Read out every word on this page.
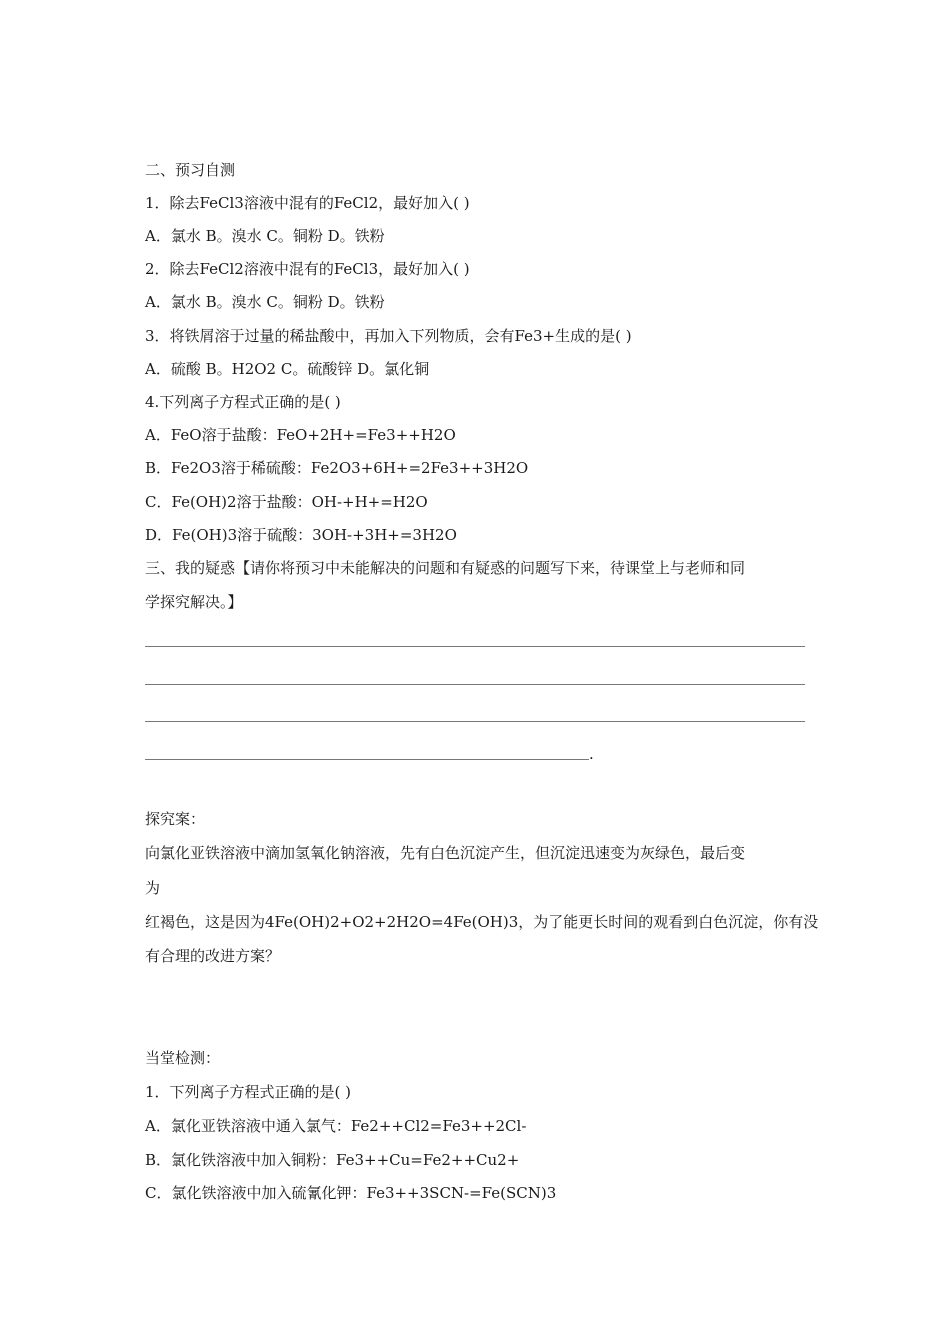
二、预习自测
1．除去FeCl3溶液中混有的FeCl2，最好加入( )
A．氯水 B。溴水 C。铜粉 D。铁粉
2．除去FeCl2溶液中混有的FeCl3，最好加入( )
A．氯水 B。溴水 C。铜粉 D。铁粉
3．将铁屑溶于过量的稀盐酸中，再加入下列物质，会有Fe3+生成的是( )
A．硫酸 B。H2O2 C。硫酸锌 D。氯化铜
4.下列离子方程式正确的是( )
A．FeO溶于盐酸：FeO+2H+=Fe3++H2O
B．Fe2O3溶于稀硫酸：Fe2O3+6H+=2Fe3++3H2O
C．Fe(OH)2溶于盐酸：OH-+H+=H2O
D．Fe(OH)3溶于硫酸：3OH-+3H+=3H2O
三、我的疑惑【请你将预习中未能解决的问题和有疑惑的问题写下来，待课堂上与老师和同
学探究解决。】
.
探究案：
向氯化亚铁溶液中滴加氢氧化钠溶液，先有白色沉淀产生，但沉淀迅速变为灰绿色，最后变
为
红褐色，这是因为4Fe(OH)2+O2+2H2O=4Fe(OH)3，为了能更长时间的观看到白色沉淀，你有没
有合理的改进方案？
当堂检测：
1．下列离子方程式正确的是( )
A．氯化亚铁溶液中通入氯气：Fe2++Cl2=Fe3++2Cl-
B．氯化铁溶液中加入铜粉：Fe3++Cu=Fe2++Cu2+
C．氯化铁溶液中加入硫氰化钾：Fe3++3SCN-=Fe(SCN)3
